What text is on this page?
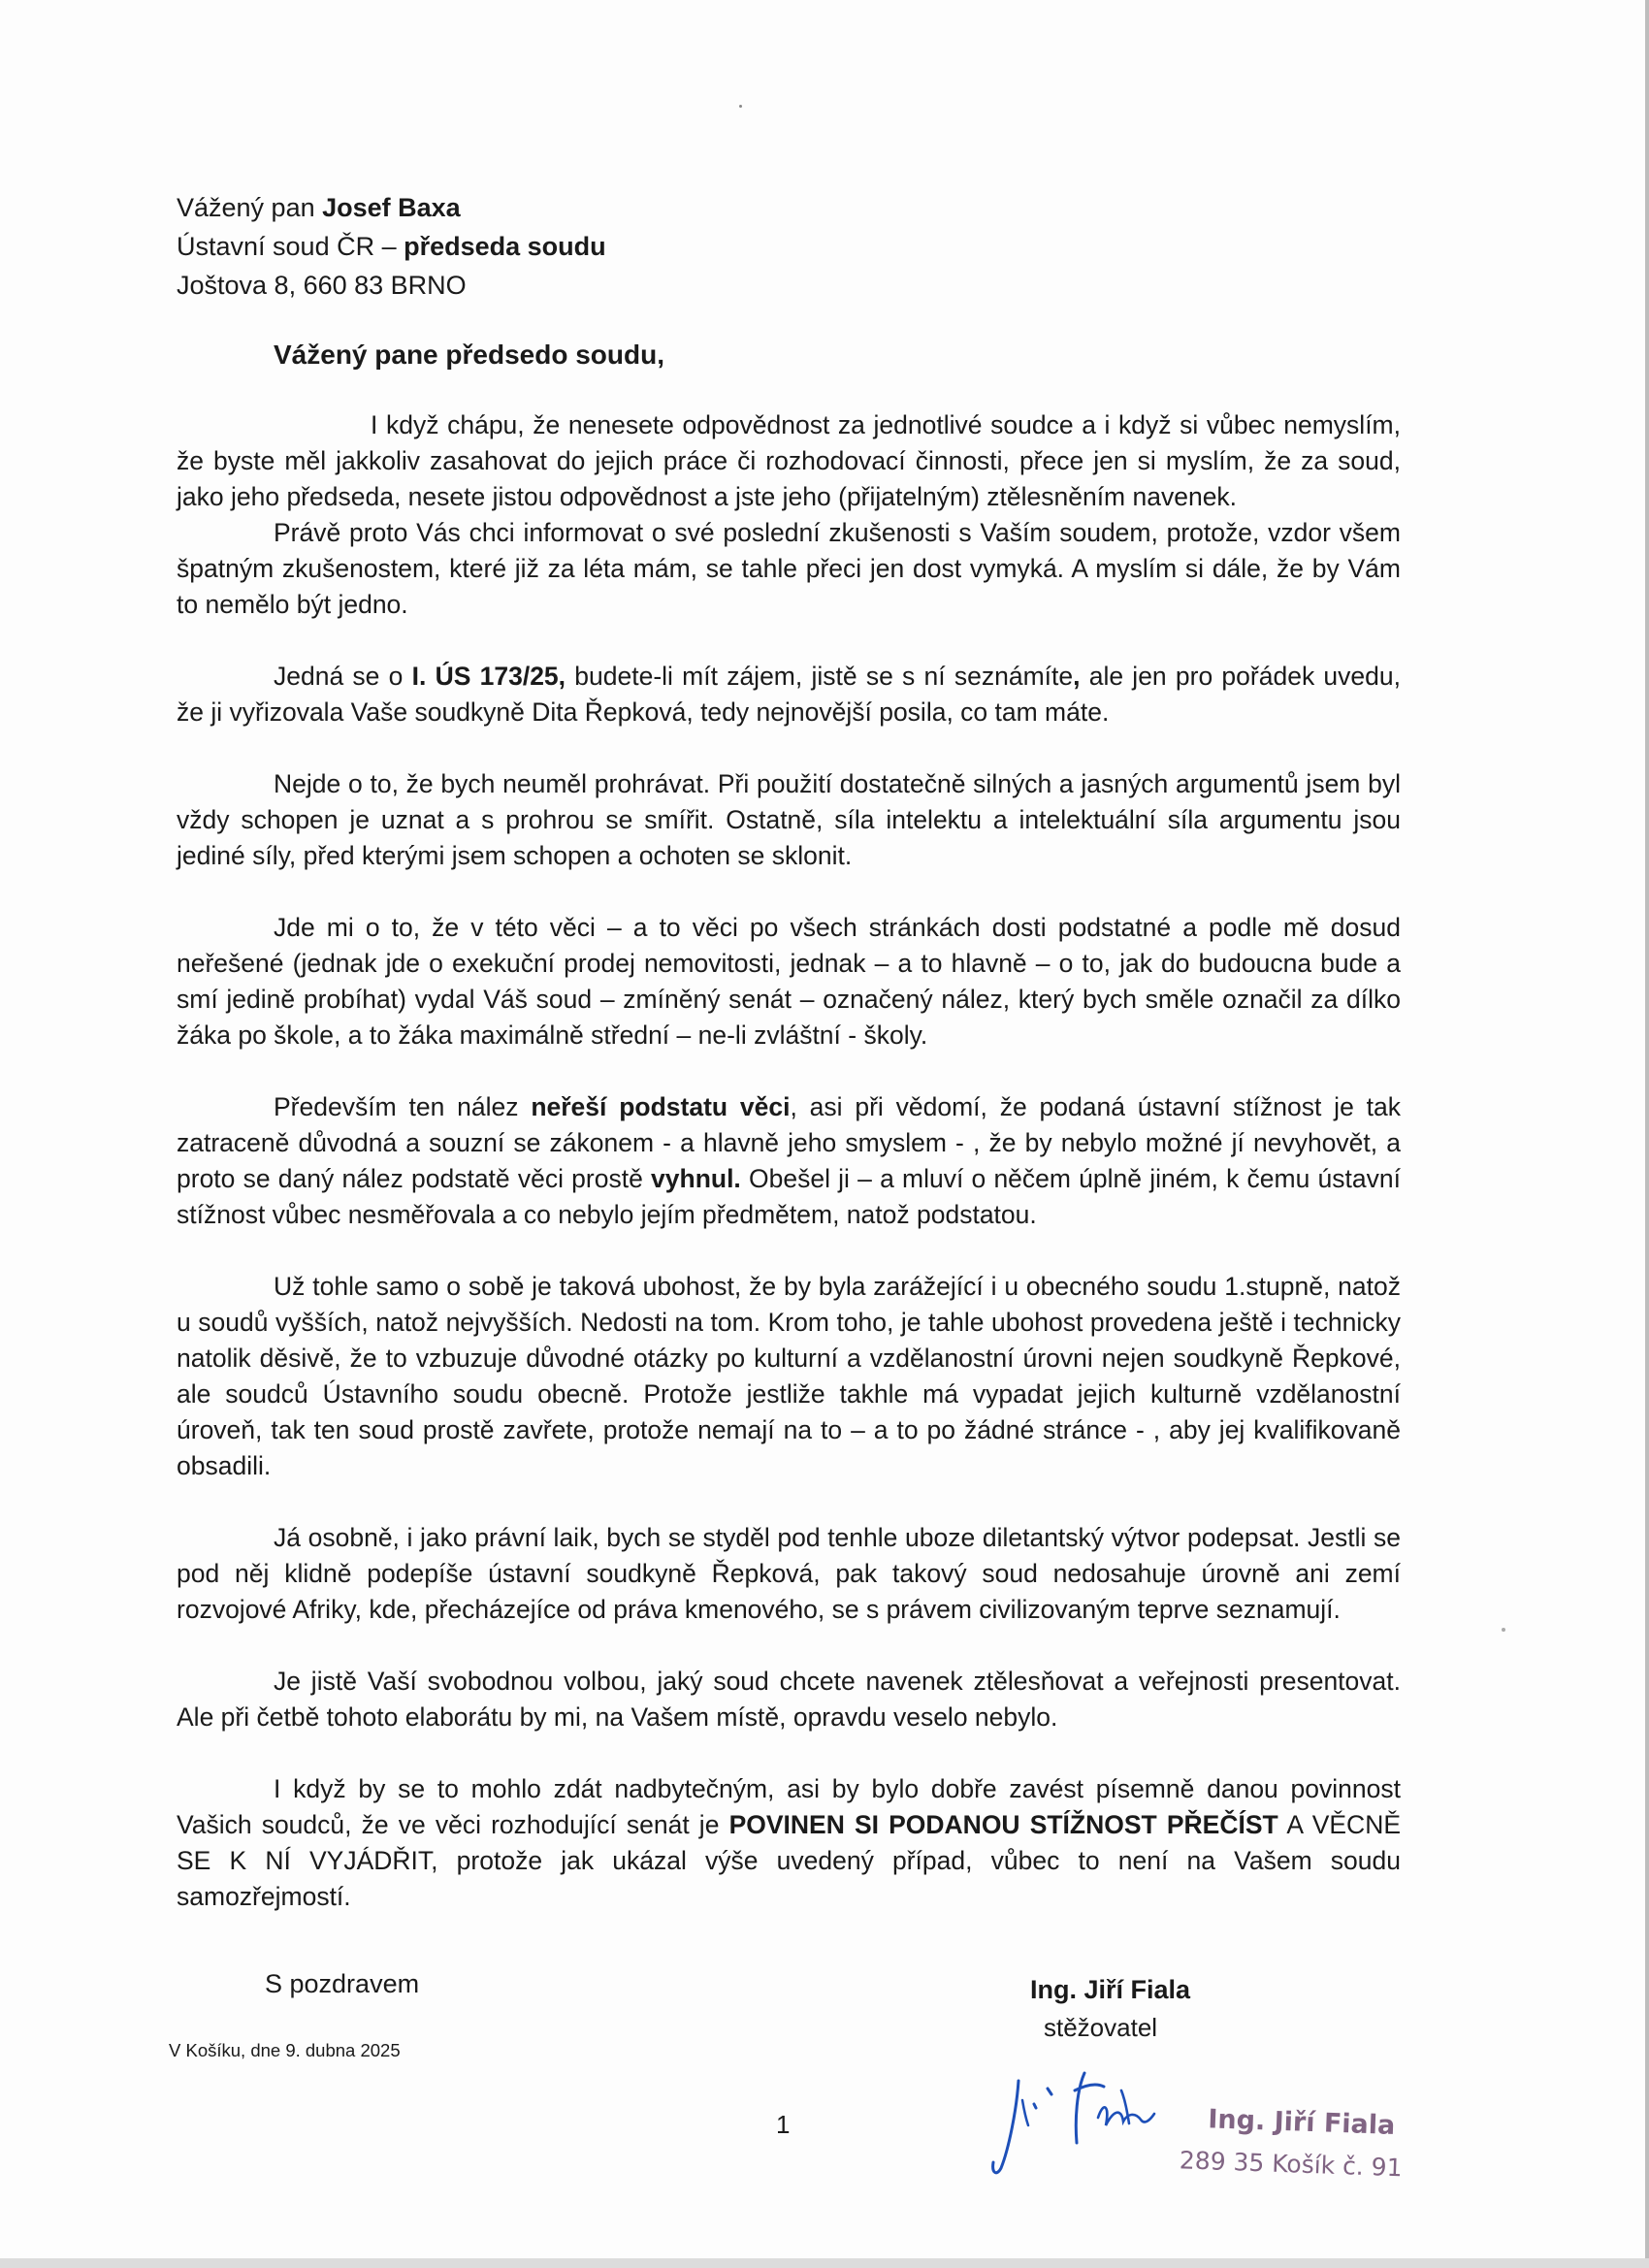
Vážený pan Josef Baxa
Ústavní soud ČR – předseda soudu
Joštova 8, 660 83 BRNO
Vážený pane předsedo soudu,

I když chápu, že nenesete odpovědnost za jednotlivé soudce a i když si vůbec nemyslím, že byste měl jakkoliv zasahovat do jejich práce či rozhodovací činnosti, přece jen si myslím, že za soud, jako jeho předseda, nesete jistou odpovědnost a jste jeho (přijatelným) ztělesněním navenek.

Právě proto Vás chci informovat o své poslední zkušenosti s Vaším soudem, protože, vzdor všem špatným zkušenostem, které již za léta mám, se tahle přeci jen dost vymyká. A myslím si dále, že by Vám to nemělo být jedno.

Jedná se o I. ÚS 173/25, budete-li mít zájem, jistě se s ní seznámíte, ale jen pro pořádek uvedu, že ji vyřizovala Vaše soudkyně Dita Řepková, tedy nejnovější posila, co tam máte.

Nejde o to, že bych neuměl prohrávat. Při použití dostatečně silných a jasných argumentů jsem byl vždy schopen je uznat a s prohrou se smířit. Ostatně, síla intelektu a intelektuální síla argumentu jsou jediné síly, před kterými jsem schopen a ochoten se sklonit.

Jde mi o to, že v této věci – a to věci po všech stránkách dosti podstatné a podle mě dosud neřešené (jednak jde o exekuční prodej nemovitosti, jednak – a to hlavně – o to, jak do budoucna bude a smí jedině probíhat) vydal Váš soud – zmíněný senát – označený nález, který bych směle označil za dílko žáka po škole, a to žáka maximálně střední – ne-li zvláštní - školy.

Především ten nález neřeší podstatu věci, asi při vědomí, že podaná ústavní stížnost je tak zatraceně důvodná a souzní se zákonem - a hlavně jeho smyslem - , že by nebylo možné jí nevyhovět, a proto se daný nález podstatě věci prostě vyhnul. Obešel ji – a mluví o něčem úplně jiném, k čemu ústavní stížnost vůbec nesměřovala a co nebylo jejím předmětem, natož podstatou.

Už tohle samo o sobě je taková ubohost, že by byla zarážející i u obecného soudu 1.stupně, natož u soudů vyšších, natož nejvyšších. Nedosti na tom. Krom toho, je tahle ubohost provedena ještě i technicky natolik děsivě, že to vzbuzuje důvodné otázky po kulturní a vzdělanostní úrovni nejen soudkyně Řepkové, ale soudců Ústavního soudu obecně. Protože jestliže takhle má vypadat jejich kulturně vzdělanostní úroveň, tak ten soud prostě zavřete, protože nemají na to – a to po žádné stránce - , aby jej kvalifikovaně obsadili.

Já osobně, i jako právní laik, bych se styděl pod tenhle uboze diletantský výtvor podepsat. Jestli se pod něj klidně podepíše ústavní soudkyně Řepková, pak takový soud nedosahuje úrovně ani zemí rozvojové Afriky, kde, přecházejíce od práva kmenového, se s právem civilizovaným teprve seznamují.

Je jistě Vaší svobodnou volbou, jaký soud chcete navenek ztělesňovat a veřejnosti presentovat. Ale při četbě tohoto elaborátu by mi, na Vašem místě, opravdu veselo nebylo.

I když by se to mohlo zdát nadbytečným, asi by bylo dobře zavést písemně danou povinnost Vašich soudců, že ve věci rozhodující senát je POVINEN SI PODANOU STÍŽNOST PŘEČÍST A VĚCNĚ SE K NÍ VYJÁDŘIT, protože jak ukázal výše uvedený případ, vůbec to není na Vašem soudu samozřejmostí.

S pozdravem
V Košíku, dne 9. dubna 2025
Ing. Jiří Fiala
stěžovatel
1	Ing. Jiří Fiala
289 35 Košík č. 91
